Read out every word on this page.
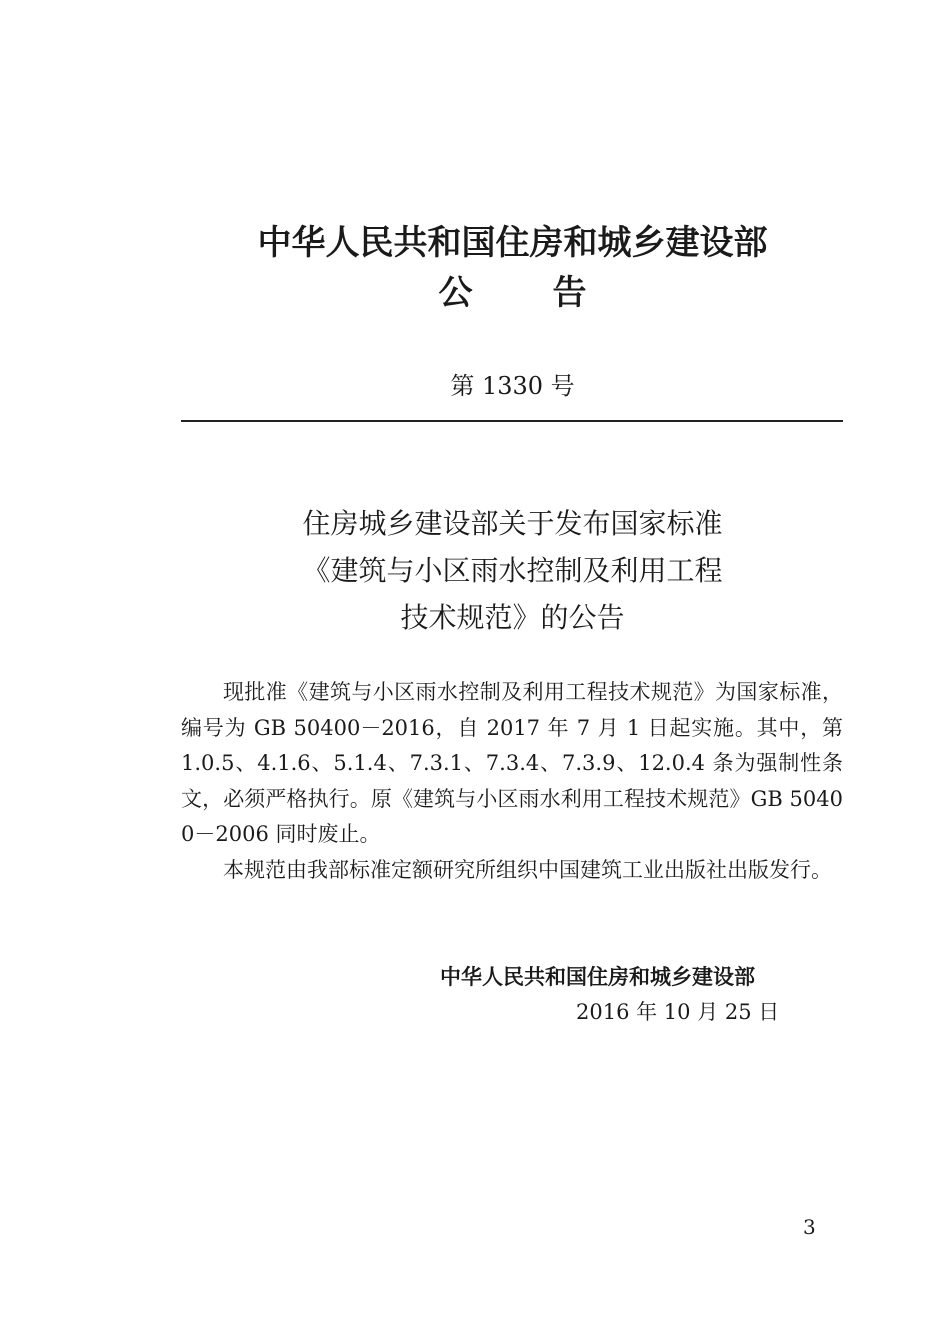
中华人民共和国住房和城乡建设部
公告
第 1330 号
住房城乡建设部关于发布国家标准
《建筑与小区雨水控制及利用工程
技术规范》的公告

现批准《建筑与小区雨水控制及利用工程技术规范》为国家标准，编号为 GB 50400－2016，自 2017 年 7 月 1 日起实施。其中，第 1.0.5、4.1.6、5.1.4、7.3.1、7.3.4、7.3.9、12.0.4 条为强制性条文，必须严格执行。原《建筑与小区雨水利用工程技术规范》GB 50400－2006 同时废止。

本规范由我部标准定额研究所组织中国建筑工业出版社出版发行。

中华人民共和国住房和城乡建设部
2016 年 10 月 25 日
3
